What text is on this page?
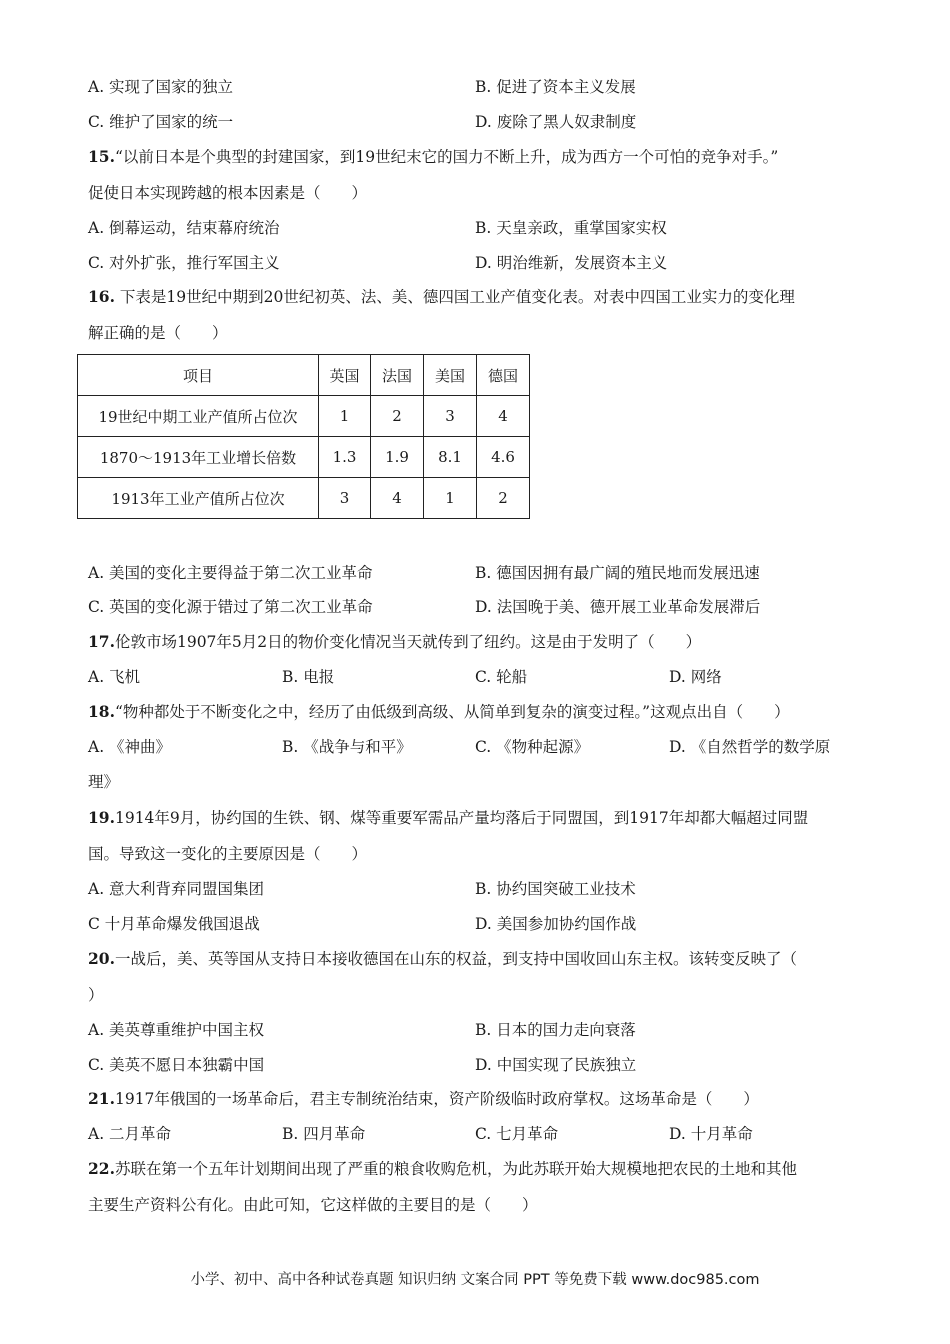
A. 实现了国家的独立	B. 促进了资本主义发展
C. 维护了国家的统一	D. 废除了黑人奴隶制度
15.“以前日本是个典型的封建国家，到19世纪末它的国力不断上升，成为西方一个可怕的竞争对手。”
促使日本实现跨越的根本因素是（　　）
A. 倒幕运动，结束幕府统治	B. 天皇亲政，重掌国家实权
C. 对外扩张，推行军国主义	D. 明治维新，发展资本主义
16. 下表是19世纪中期到20世纪初英、法、美、德四国工业产值变化表。对表中四国工业实力的变化理
解正确的是（　　）
项目	英国	法国	美国	德国
19世纪中期工业产值所占位次	1	2	3	4
1870～1913年工业增长倍数	1.3	1.9	8.1	4.6
1913年工业产值所占位次	3	4	1	2
A. 美国的变化主要得益于第二次工业革命	B. 德国因拥有最广阔的殖民地而发展迅速
C. 英国的变化源于错过了第二次工业革命	D. 法国晚于美、德开展工业革命发展滞后
17.伦敦市场1907年5月2日的物价变化情况当天就传到了纽约。这是由于发明了（　　）
A. 飞机	B. 电报	C. 轮船	D. 网络
18.“物种都处于不断变化之中，经历了由低级到高级、从简单到复杂的演变过程。”这观点出自（　　）
A. 《神曲》	B. 《战争与和平》	C. 《物种起源》	D. 《自然哲学的数学原
理》
19.1914年9月，协约国的生铁、钢、煤等重要军需品产量均落后于同盟国，到1917年却都大幅超过同盟
国。导致这一变化的主要原因是（　　）
A. 意大利背弃同盟国集团	B. 协约国突破工业技术
C 十月革命爆发俄国退战	D. 美国参加协约国作战
20.一战后，美、英等国从支持日本接收德国在山东的权益，到支持中国收回山东主权。该转变反映了（
）
A. 美英尊重维护中国主权	B. 日本的国力走向衰落
C. 美英不愿日本独霸中国	D. 中国实现了民族独立
21.1917年俄国的一场革命后，君主专制统治结束，资产阶级临时政府掌权。这场革命是（　　）
A. 二月革命	B. 四月革命	C. 七月革命	D. 十月革命
22.苏联在第一个五年计划期间出现了严重的粮食收购危机，为此苏联开始大规模地把农民的土地和其他
主要生产资料公有化。由此可知，它这样做的主要目的是（　　）
小学、初中、高中各种试卷真题 知识归纳 文案合同 PPT 等免费下载 www.doc985.com
